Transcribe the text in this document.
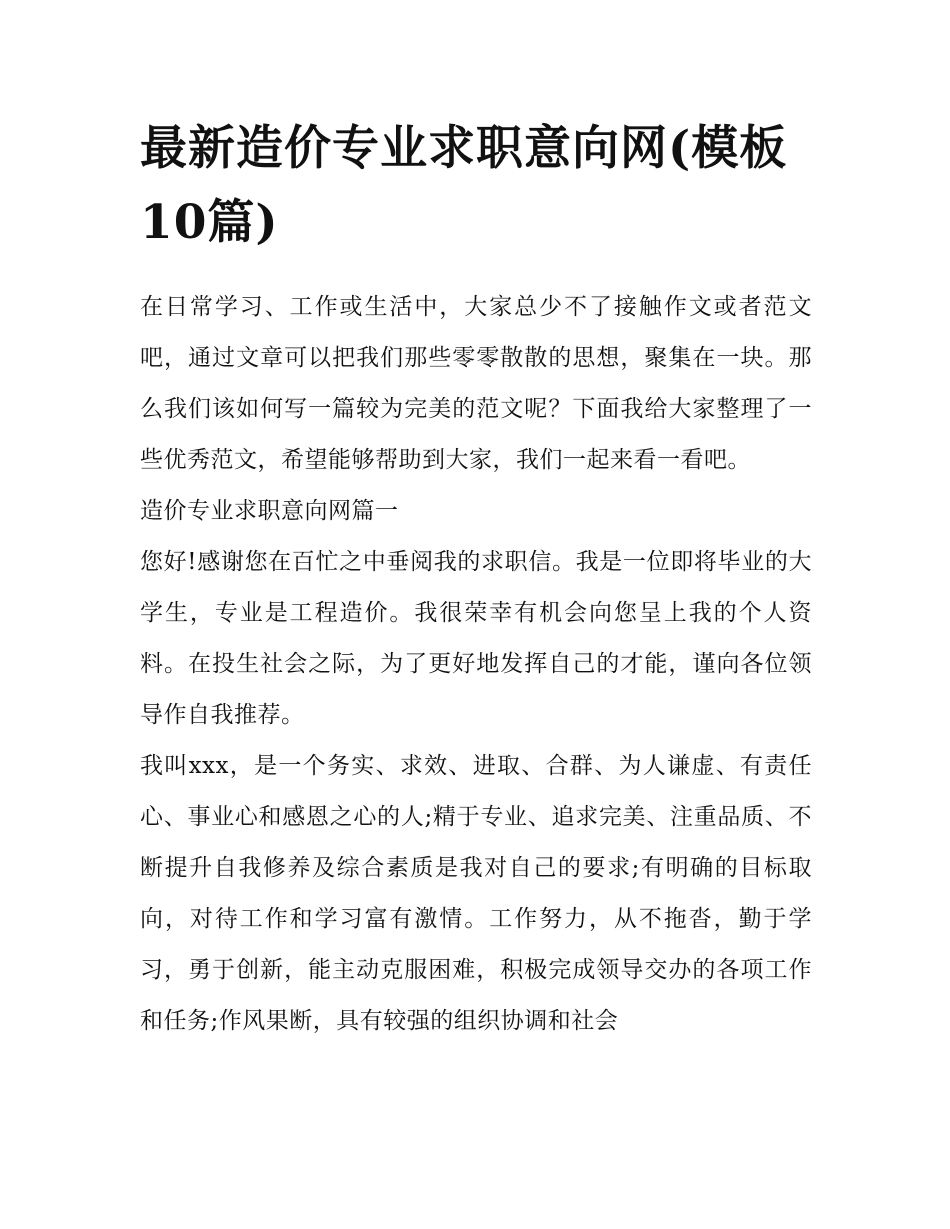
最新造价专业求职意向网(模板10篇)

在日常学习、工作或生活中，大家总少不了接触作文或者范文吧，通过文章可以把我们那些零零散散的思想，聚集在一块。那么我们该如何写一篇较为完美的范文呢？下面我给大家整理了一些优秀范文，希望能够帮助到大家，我们一起来看一看吧。

造价专业求职意向网篇一

您好!感谢您在百忙之中垂阅我的求职信。我是一位即将毕业的大学生，专业是工程造价。我很荣幸有机会向您呈上我的个人资料。在投生社会之际，为了更好地发挥自己的才能，谨向各位领导作自我推荐。

我叫xxx，是一个务实、求效、进取、合群、为人谦虚、有责任心、事业心和感恩之心的人;精于专业、追求完美、注重品质、不断提升自我修养及综合素质是我对自己的要求;有明确的目标取向，对待工作和学习富有激情。工作努力，从不拖沓，勤于学习，勇于创新，能主动克服困难，积极完成领导交办的各项工作和任务;作风果断，具有较强的组织协调和社会
